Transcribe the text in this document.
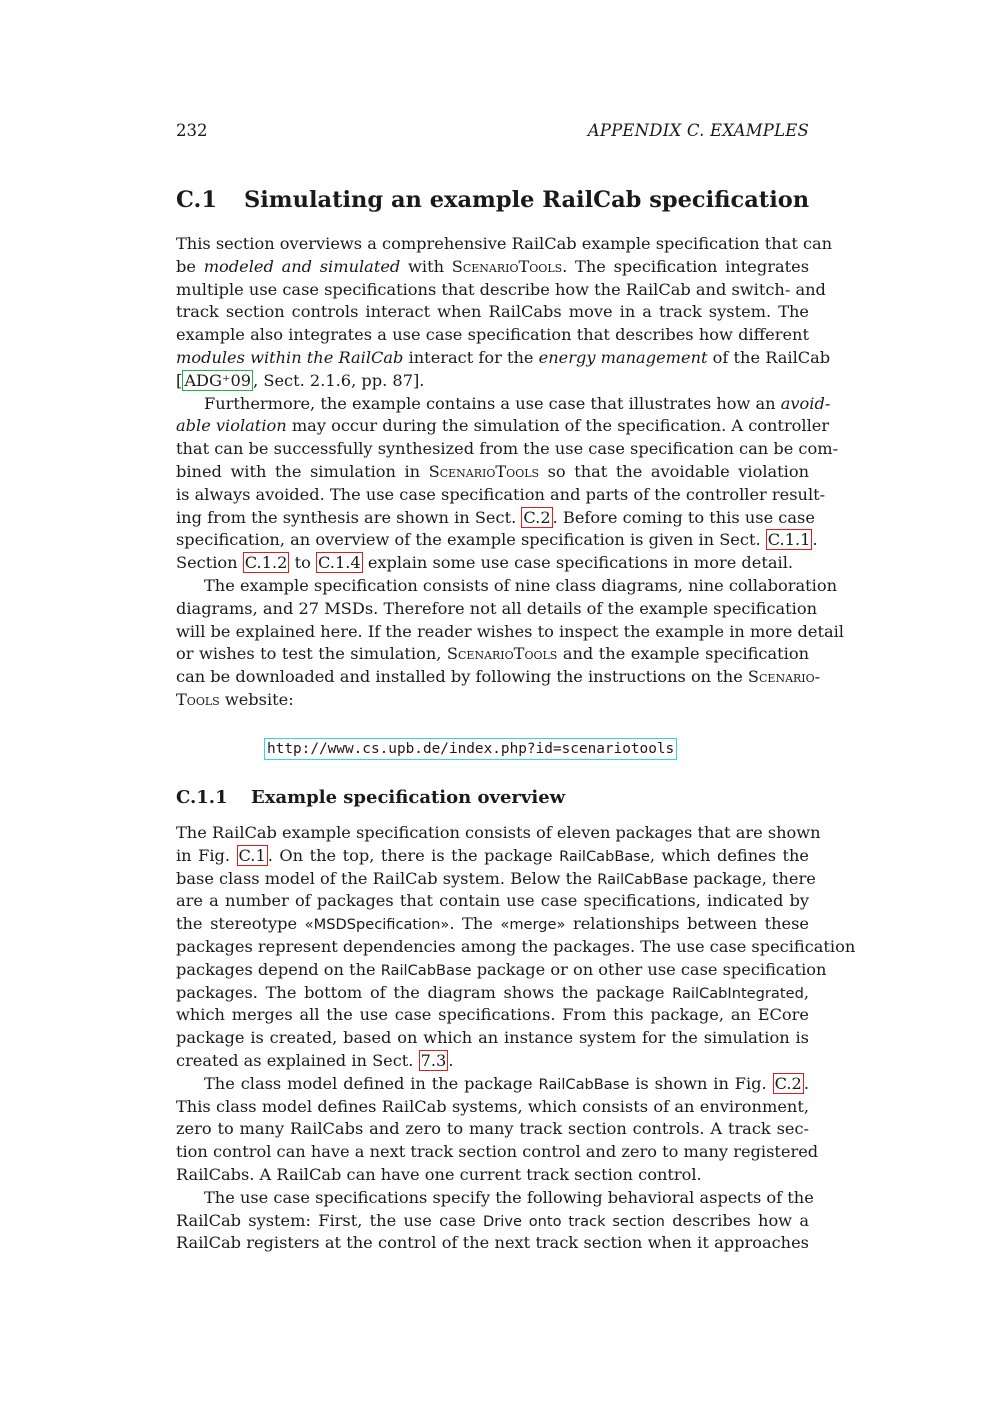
232	APPENDIX C. EXAMPLES
C.1 Simulating an example RailCab specification
This section overviews a comprehensive RailCab example specification that can
be modeled and simulated with ScenarioTools. The specification integrates
multiple use case specifications that describe how the RailCab and switch- and
track section controls interact when RailCabs move in a track system. The
example also integrates a use case specification that describes how different
modules within the RailCab interact for the energy management of the RailCab
[ ADG⁺09 , Sect. 2.1.6, pp. 87].
Furthermore, the example contains a use case that illustrates how an avoid-
able violation may occur during the simulation of the specification. A controller
that can be successfully synthesized from the use case specification can be com-
bined with the simulation in ScenarioTools so that the avoidable violation
is always avoided. The use case specification and parts of the controller result-
ing from the synthesis are shown in Sect. C.2 . Before coming to this use case
specification, an overview of the example specification is given in Sect. C.1.1 .
Section C.1.2 to C.1.4 explain some use case specifications in more detail.
The example specification consists of nine class diagrams, nine collaboration
diagrams, and 27 MSDs. Therefore not all details of the example specification
will be explained here. If the reader wishes to inspect the example in more detail
or wishes to test the simulation, ScenarioTools and the example specification
can be downloaded and installed by following the instructions on the Scenario-
Tools website:
http://www.cs.upb.de/index.php?id=scenariotools
C.1.1 Example specification overview
The RailCab example specification consists of eleven packages that are shown
in Fig. C.1 . On the top, there is the package RailCabBase, which defines the
base class model of the RailCab system. Below the RailCabBase package, there
are a number of packages that contain use case specifications, indicated by
the stereotype «MSDSpecification». The «merge» relationships between these
packages represent dependencies among the packages. The use case specification
packages depend on the RailCabBase package or on other use case specification
packages. The bottom of the diagram shows the package RailCabIntegrated,
which merges all the use case specifications. From this package, an ECore
package is created, based on which an instance system for the simulation is
created as explained in Sect. 7.3 .
The class model defined in the package RailCabBase is shown in Fig. C.2 .
This class model defines RailCab systems, which consists of an environment,
zero to many RailCabs and zero to many track section controls. A track sec-
tion control can have a next track section control and zero to many registered
RailCabs. A RailCab can have one current track section control.
The use case specifications specify the following behavioral aspects of the
RailCab system: First, the use case Drive onto track section describes how a
RailCab registers at the control of the next track section when it approaches
